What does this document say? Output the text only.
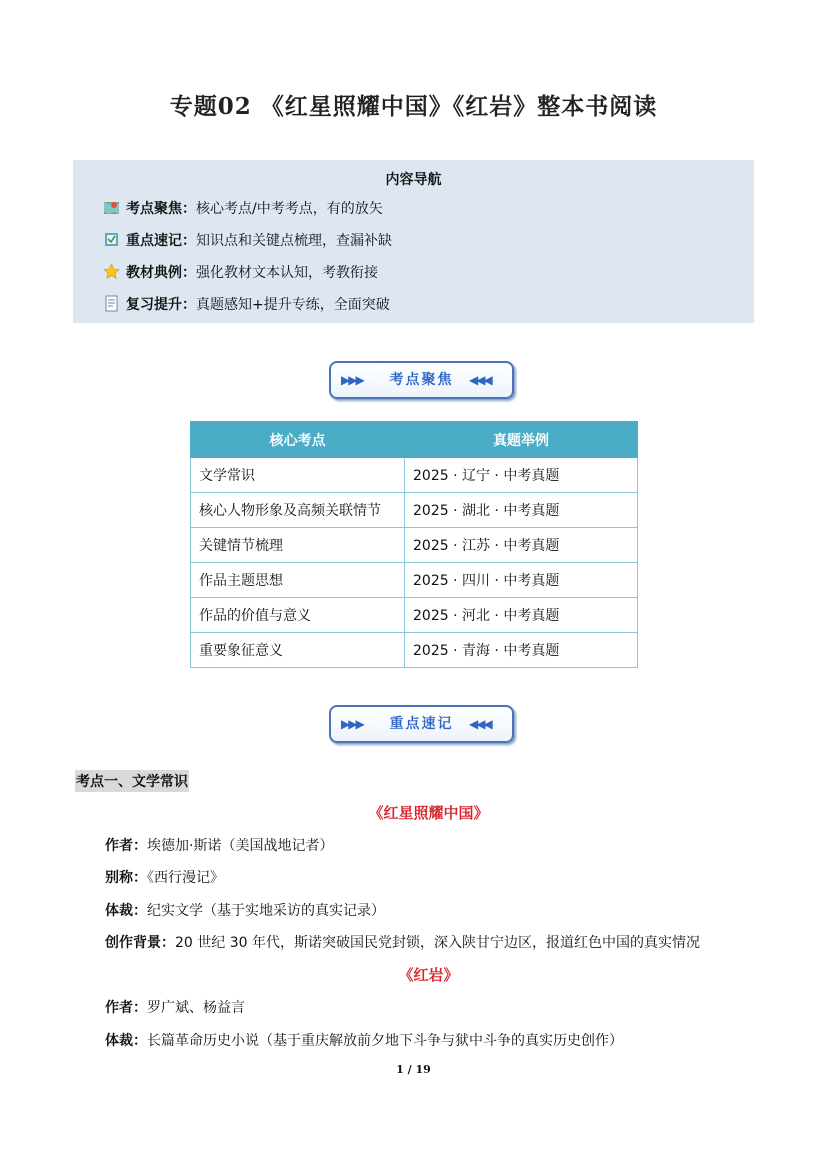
专题02 《红星照耀中国》《红岩》整本书阅读
内容导航
考点聚焦：核心考点/中考考点，有的放矢
重点速记：知识点和关键点梳理，查漏补缺
教材典例：强化教材文本认知，考教衔接
复习提升：真题感知+提升专练，全面突破
▶▶▶	考点聚焦	◀◀◀
核心考点	真题举例
文学常识	2025 · 辽宁 · 中考真题
核心人物形象及高频关联情节	2025 · 湖北 · 中考真题
关键情节梳理	2025 · 江苏 · 中考真题
作品主题思想	2025 · 四川 · 中考真题
作品的价值与意义	2025 · 河北 · 中考真题
重要象征意义	2025 · 青海 · 中考真题
▶▶▶	重点速记	◀◀◀
考点一、文学常识
《红星照耀中国》
作者：埃德加·斯诺（美国战地记者）
别称：《西行漫记》
体裁：纪实文学（基于实地采访的真实记录）
创作背景：20 世纪 30 年代，斯诺突破国民党封锁，深入陕甘宁边区，报道红色中国的真实情况
《红岩》
作者：罗广斌、杨益言
体裁：长篇革命历史小说（基于重庆解放前夕地下斗争与狱中斗争的真实历史创作）
1 / 19
